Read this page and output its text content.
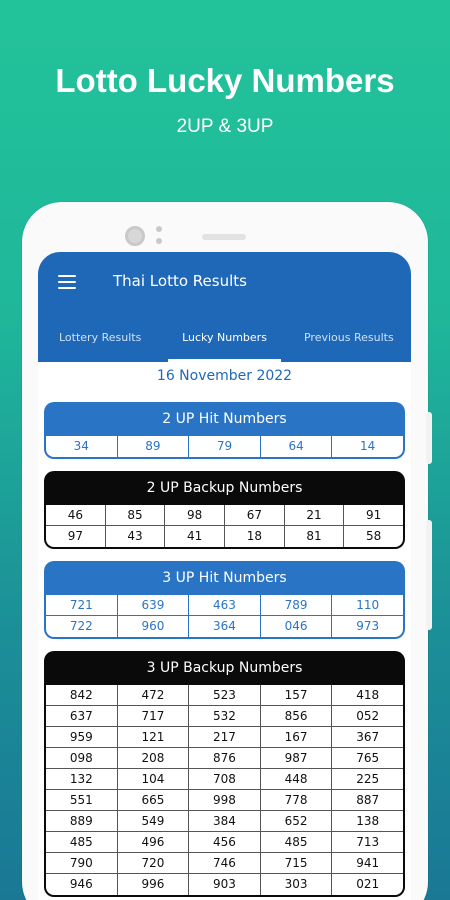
Lotto Lucky Numbers
2UP & 3UP
Thai Lotto Results
Lottery Results	Lucky Numbers	Previous Results
16 November 2022
2 UP Hit Numbers
34	89	79	64	14
2 UP Backup Numbers
46	85	98	67	21	91
97	43	41	18	81	58
3 UP Hit Numbers
721	639	463	789	110
722	960	364	046	973
3 UP Backup Numbers
842	472	523	157	418
637	717	532	856	052
959	121	217	167	367
098	208	876	987	765
132	104	708	448	225
551	665	998	778	887
889	549	384	652	138
485	496	456	485	713
790	720	746	715	941
946	996	903	303	021
